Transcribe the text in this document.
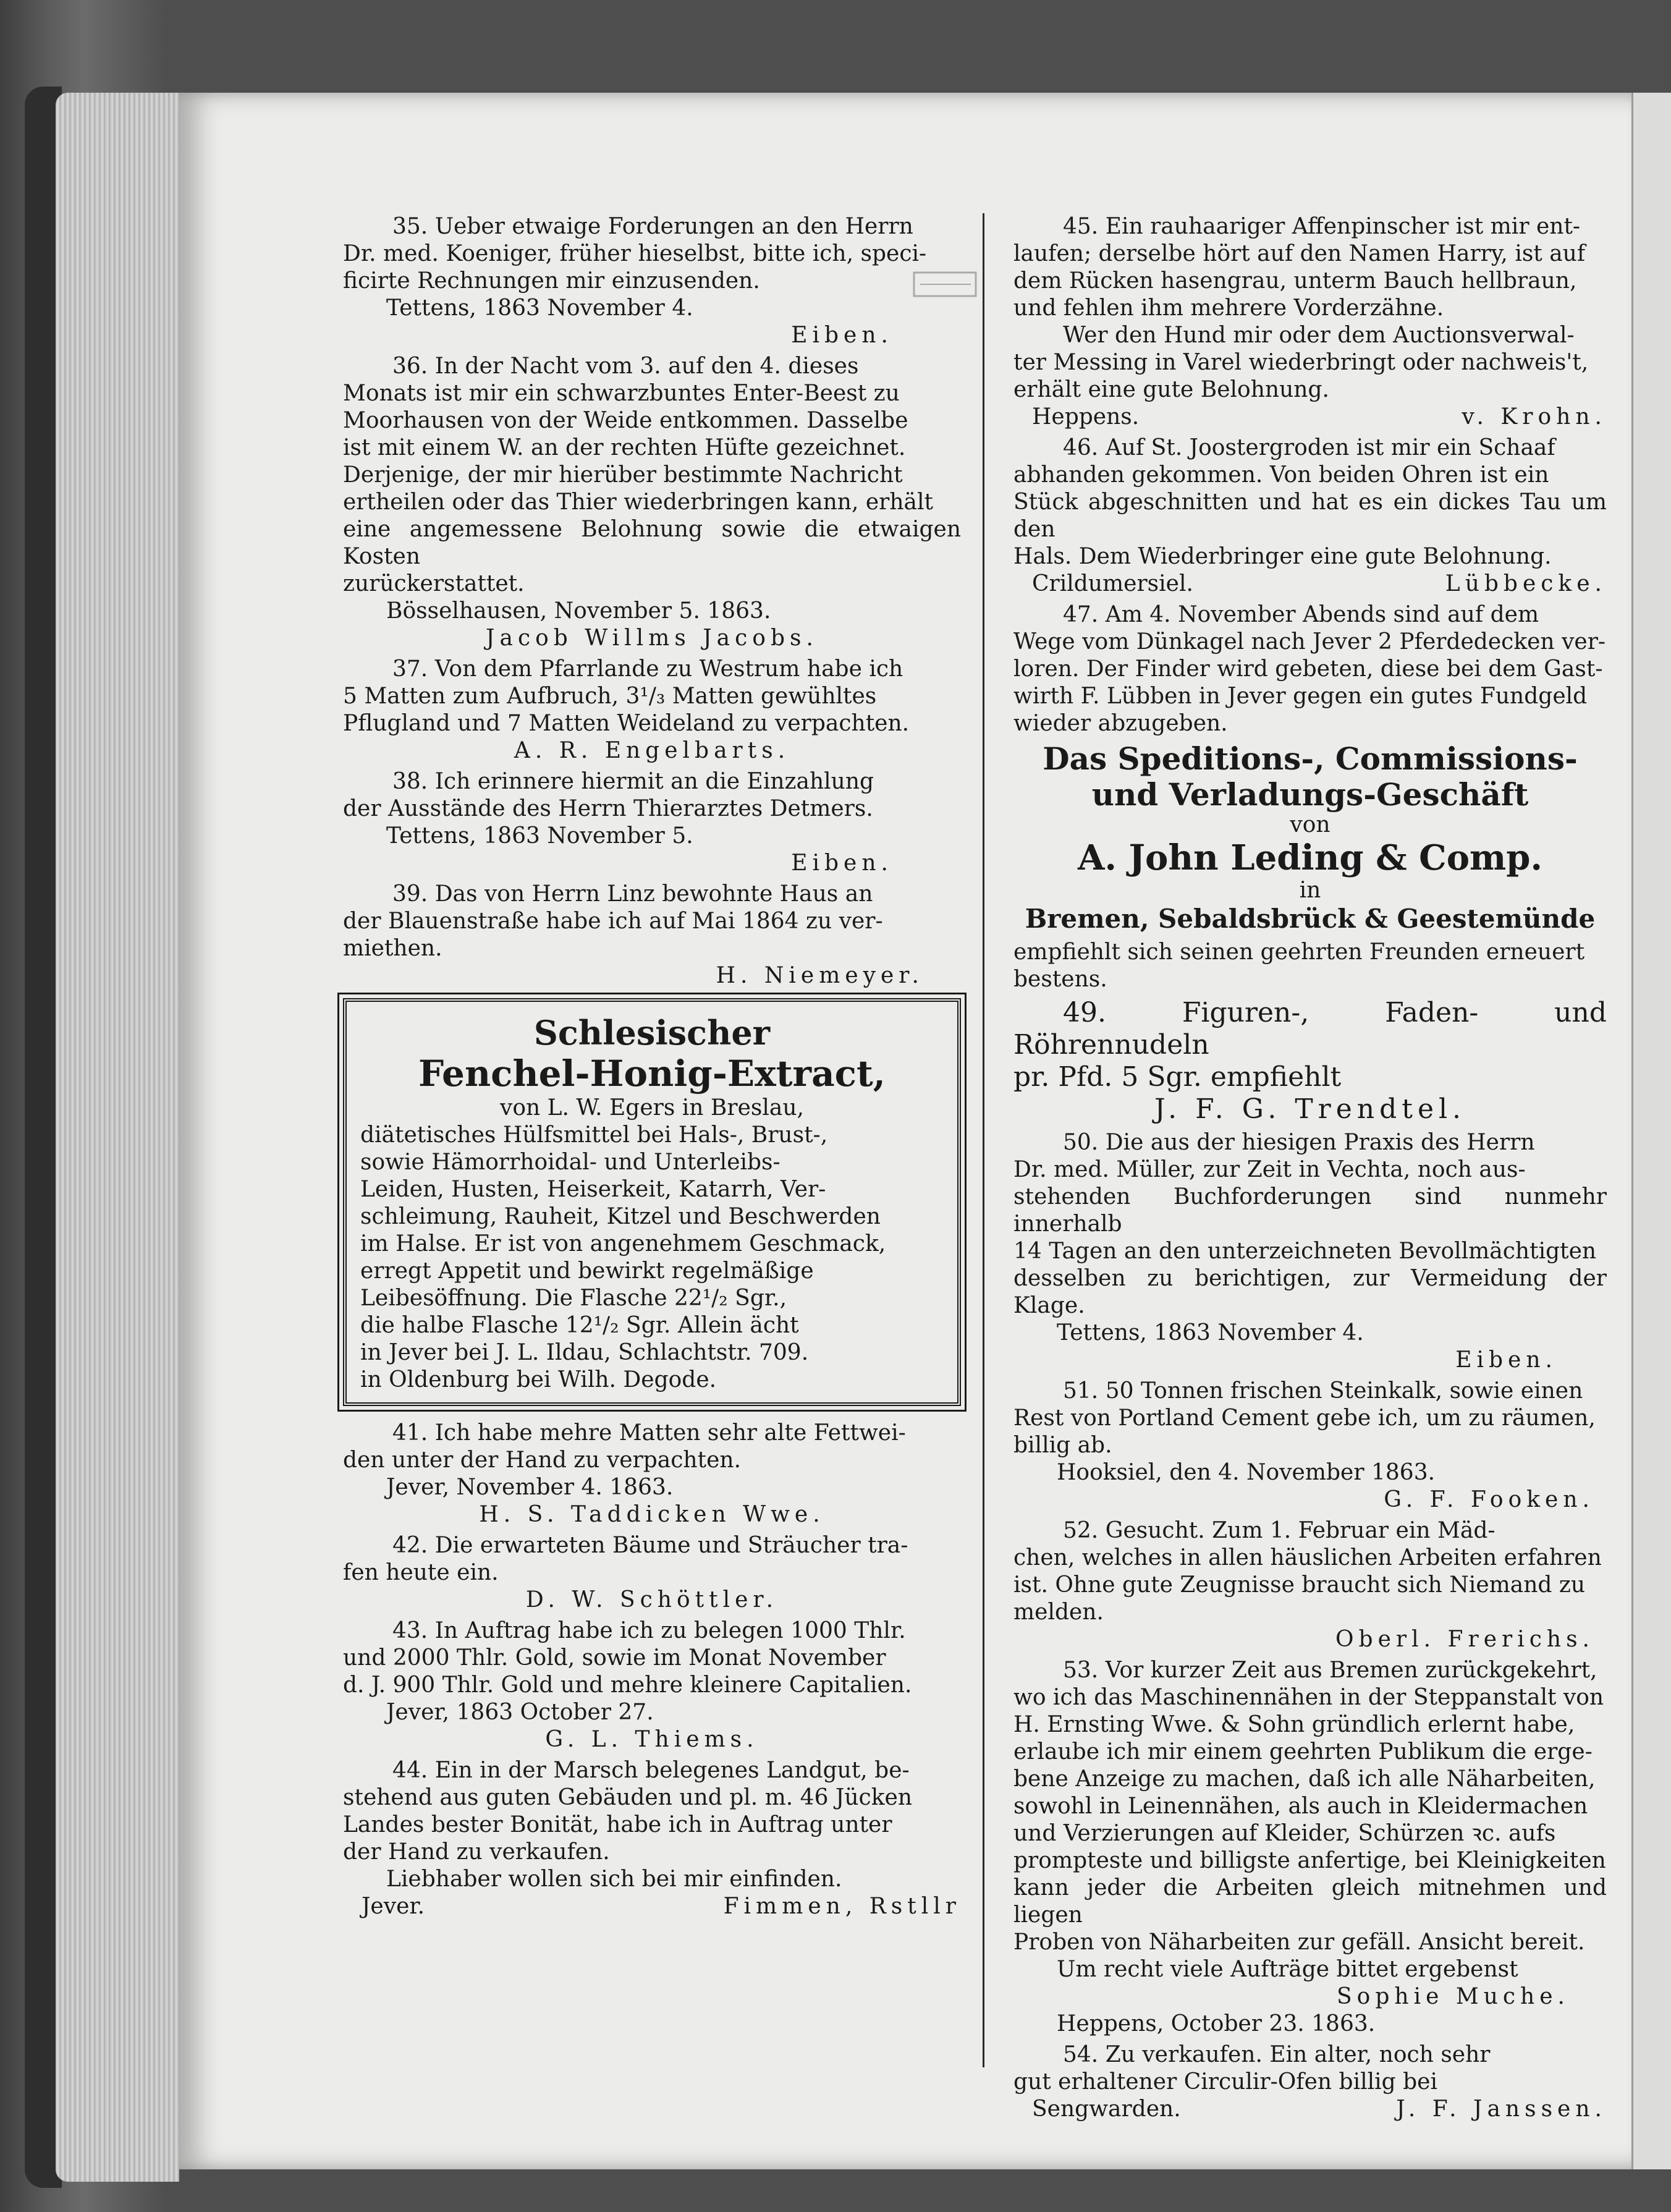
35. Ueber etwaige Forderungen an den Herrn

Dr. med. Koeniger, früher hieselbst, bitte ich, speci-

ficirte Rechnungen mir einzusenden.

Tettens, 1863 November 4.

Eiben.

36. In der Nacht vom 3. auf den 4. dieses

Monats ist mir ein schwarzbuntes Enter-Beest zu

Moorhausen von der Weide entkommen. Dasselbe

ist mit einem W. an der rechten Hüfte gezeichnet.

Derjenige, der mir hierüber bestimmte Nachricht

ertheilen oder das Thier wiederbringen kann, erhält

eine angemessene Belohnung sowie die etwaigen Kosten

zurückerstattet.

Bösselhausen, November 5. 1863.

Jacob Willms Jacobs.

37. Von dem Pfarrlande zu Westrum habe ich

5 Matten zum Aufbruch, 3¹/₃ Matten gewühltes

Pflugland und 7 Matten Weideland zu verpachten.

A. R. Engelbarts.

38. Ich erinnere hiermit an die Einzahlung

der Ausstände des Herrn Thierarztes Detmers.

Tettens, 1863 November 5.

Eiben.

39. Das von Herrn Linz bewohnte Haus an

der Blauenstraße habe ich auf Mai 1864 zu ver-

miethen.

H. Niemeyer.

Schlesischer
Fenchel-Honig-Extract,

von L. W. Egers in Breslau,

diätetisches Hülfsmittel bei Hals-, Brust-,

sowie Hämorrhoidal- und Unterleibs-

Leiden, Husten, Heiserkeit, Katarrh, Ver-

schleimung, Rauheit, Kitzel und Beschwerden

im Halse. Er ist von angenehmem Geschmack,

erregt Appetit und bewirkt regelmäßige

Leibesöffnung. Die Flasche 22¹/₂ Sgr.,

die halbe Flasche 12¹/₂ Sgr. Allein ächt

in Jever bei J. L. Ildau, Schlachtstr. 709.

in Oldenburg bei Wilh. Degode.

41. Ich habe mehre Matten sehr alte Fettwei-

den unter der Hand zu verpachten.

Jever, November 4. 1863.

H. S. Taddicken Wwe.

42. Die erwarteten Bäume und Sträucher tra-

fen heute ein.

D. W. Schöttler.

43. In Auftrag habe ich zu belegen 1000 Thlr.

und 2000 Thlr. Gold, sowie im Monat November

d. J. 900 Thlr. Gold und mehre kleinere Capitalien.

Jever, 1863 October 27.

G. L. Thiems.

44. Ein in der Marsch belegenes Landgut, be-

stehend aus guten Gebäuden und pl. m. 46 Jücken

Landes bester Bonität, habe ich in Auftrag unter

der Hand zu verkaufen.

Liebhaber wollen sich bei mir einfinden.

Jever.	Fimmen, Rstllr

45. Ein rauhaariger Affenpinscher ist mir ent-

laufen; derselbe hört auf den Namen Harry, ist auf

dem Rücken hasengrau, unterm Bauch hellbraun,

und fehlen ihm mehrere Vorderzähne.

Wer den Hund mir oder dem Auctionsverwal-

ter Messing in Varel wiederbringt oder nachweis't,

erhält eine gute Belohnung.

Heppens.	v. Krohn.

46. Auf St. Joostergroden ist mir ein Schaaf

abhanden gekommen. Von beiden Ohren ist ein

Stück abgeschnitten und hat es ein dickes Tau um den

Hals. Dem Wiederbringer eine gute Belohnung.

Crildumersiel.	Lübbecke.

47. Am 4. November Abends sind auf dem

Wege vom Dünkagel nach Jever 2 Pferdedecken ver-

loren. Der Finder wird gebeten, diese bei dem Gast-

wirth F. Lübben in Jever gegen ein gutes Fundgeld

wieder abzugeben.

Das Speditions-, Commissions-
und Verladungs-Geschäft
von
A. John Leding & Comp.
in
Bremen, Sebaldsbrück & Geestemünde

empfiehlt sich seinen geehrten Freunden erneuert

bestens.

49. Figuren-, Faden- und Röhrennudeln

pr. Pfd. 5 Sgr. empfiehlt

J. F. G. Trendtel.

50. Die aus der hiesigen Praxis des Herrn

Dr. med. Müller, zur Zeit in Vechta, noch aus-

stehenden Buchforderungen sind nunmehr innerhalb

14 Tagen an den unterzeichneten Bevollmächtigten

desselben zu berichtigen, zur Vermeidung der Klage.

Tettens, 1863 November 4.

Eiben.

51. 50 Tonnen frischen Steinkalk, sowie einen

Rest von Portland Cement gebe ich, um zu räumen,

billig ab.

Hooksiel, den 4. November 1863.

G. F. Fooken.

52. Gesucht. Zum 1. Februar ein Mäd-

chen, welches in allen häuslichen Arbeiten erfahren

ist. Ohne gute Zeugnisse braucht sich Niemand zu

melden.

Oberl. Frerichs.

53. Vor kurzer Zeit aus Bremen zurückgekehrt,

wo ich das Maschinennähen in der Steppanstalt von

H. Ernsting Wwe. & Sohn gründlich erlernt habe,

erlaube ich mir einem geehrten Publikum die erge-

bene Anzeige zu machen, daß ich alle Näharbeiten,

sowohl in Leinennähen, als auch in Kleidermachen

und Verzierungen auf Kleider, Schürzen ꝛc. aufs

prompteste und billigste anfertige, bei Kleinigkeiten

kann jeder die Arbeiten gleich mitnehmen und liegen

Proben von Näharbeiten zur gefäll. Ansicht bereit.

Um recht viele Aufträge bittet ergebenst

Sophie Muche.

Heppens, October 23. 1863.

54. Zu verkaufen. Ein alter, noch sehr

gut erhaltener Circulir-Ofen billig bei

Sengwarden.	J. F. Janssen.
